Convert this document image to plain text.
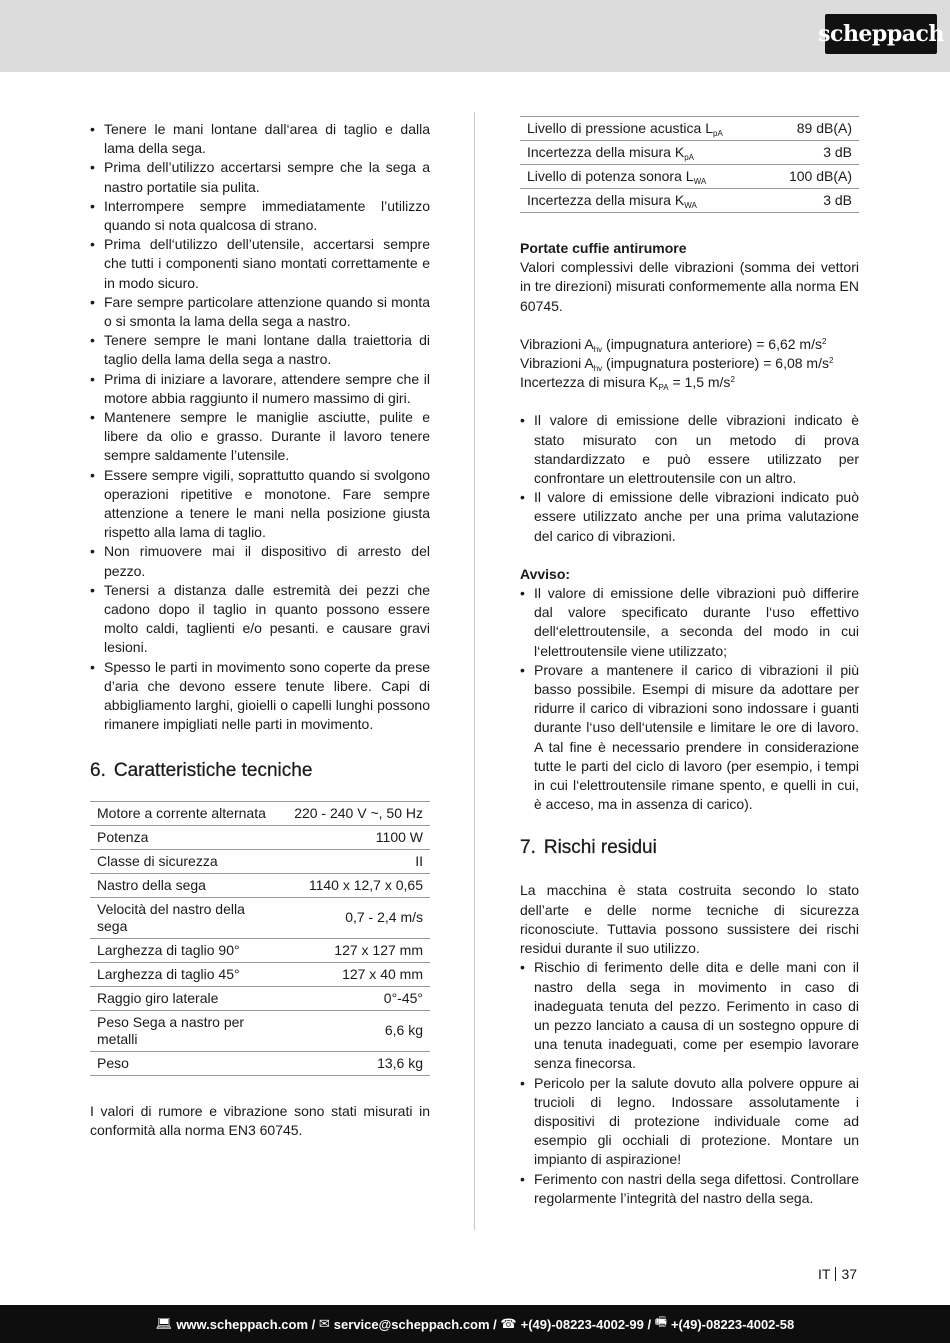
scheppach
• Tenere le mani lontane dall‘area di taglio e dalla lama della sega.
• Prima dell’utilizzo accertarsi sempre che la sega a nastro portatile sia pulita.
• Interrompere sempre immediatamente l’utilizzo quando si nota qualcosa di strano.
• Prima dell‘utilizzo dell’utensile, accertarsi sempre che tutti i componenti siano montati correttamente e in modo sicuro.
• Fare sempre particolare attenzione quando si monta o si smonta la lama della sega a nastro.
• Tenere sempre le mani lontane dalla traiettoria di taglio della lama della sega a nastro.
• Prima di iniziare a lavorare, attendere sempre che il motore abbia raggiunto il numero massimo di giri.
• Mantenere sempre le maniglie asciutte, pulite e libere da olio e grasso. Durante il lavoro tenere sempre saldamente l’utensile.
• Essere sempre vigili, soprattutto quando si svolgono operazioni ripetitive e monotone. Fare sempre attenzione a tenere le mani nella posizione giusta rispetto alla lama di taglio.
• Non rimuovere mai il dispositivo di arresto del pezzo.
• Tenersi a distanza dalle estremità dei pezzi che cadono dopo il taglio in quanto possono essere molto caldi, taglienti e/o pesanti. e causare gravi lesioni.
• Spesso le parti in movimento sono coperte da prese d’aria che devono essere tenute libere. Capi di abbigliamento larghi, gioielli o capelli lunghi possono rimanere impigliati nelle parti in movimento.
6. Caratteristiche tecniche
Motore a corrente alternata	220 - 240 V ~, 50 Hz
Potenza	1100 W
Classe di sicurezza	II
Nastro della sega	1140 x 12,7 x 0,65
Velocità del nastro della sega	0,7 - 2,4 m/s
Larghezza di taglio 90°	127 x 127 mm
Larghezza di taglio 45°	127 x 40 mm
Raggio giro laterale	0°-45°
Peso Sega a nastro per metalli	6,6 kg
Peso	13,6 kg

I valori di rumore e vibrazione sono stati misurati in conformità alla norma EN3 60745.

Livello di pressione acustica $L_{pA}$	89 dB(A)
Incertezza della misura $K_{pA}$	3 dB
Livello di potenza sonora $L_{WA}$	100 dB(A)
Incertezza della misura $K_{WA}$	3 dB

Portate cuffie antirumore

Valori complessivi delle vibrazioni (somma dei vettori in tre direzioni) misurati conformemente alla norma EN 60745.

Vibrazioni $A_{hv}$ (impugnatura anteriore) = 6,62 $m/s^2$
Vibrazioni $A_{hv}$ (impugnatura posteriore) = 6,08 $m/s^2$
Incertezza di misura $K_{PA} = 1,5$ $m/s^2$
• Il valore di emissione delle vibrazioni indicato è stato misurato con un metodo di prova standardizzato e può essere utilizzato per confrontare un elettroutensile con un altro.
• Il valore di emissione delle vibrazioni indicato può essere utilizzato anche per una prima valutazione del carico di vibrazioni.

Avviso:

• Il valore di emissione delle vibrazioni può differire dal valore specificato durante l‘uso effettivo dell‘elettroutensile, a seconda del modo in cui l‘elettroutensile viene utilizzato;
• Provare a mantenere il carico di vibrazioni il più basso possibile. Esempi di misure da adottare per ridurre il carico di vibrazioni sono indossare i guanti durante l‘uso dell‘utensile e limitare le ore di lavoro. A tal fine è necessario prendere in considerazione tutte le parti del ciclo di lavoro (per esempio, i tempi in cui l‘elettroutensile rimane spento, e quelli in cui, è acceso, ma in assenza di carico).
7. Rischi residui

La macchina è stata costruita secondo lo stato dell’arte e delle norme tecniche di sicurezza riconosciute. Tuttavia possono sussistere dei rischi residui durante il suo utilizzo.

• Rischio di ferimento delle dita e delle mani con il nastro della sega in movimento in caso di inadeguata tenuta del pezzo. Ferimento in caso di un pezzo lanciato a causa di un sostegno oppure di una tenuta inadeguati, come per esempio lavorare senza finecorsa.
• Pericolo per la salute dovuto alla polvere oppure ai trucioli di legno. Indossare assolutamente i dispositivi di protezione individuale come ad esempio gli occhiali di protezione. Montare un impianto di aspirazione!
• Ferimento con nastri della sega difettosi. Controllare regolarmente l’integrità del nastro della sega.
IT 37
💻︎ www.scheppach.com /
✉︎ service@scheppach.com /
☎︎ +(49)-08223-4002-99 /
🖷︎ +(49)-08223-4002-58
